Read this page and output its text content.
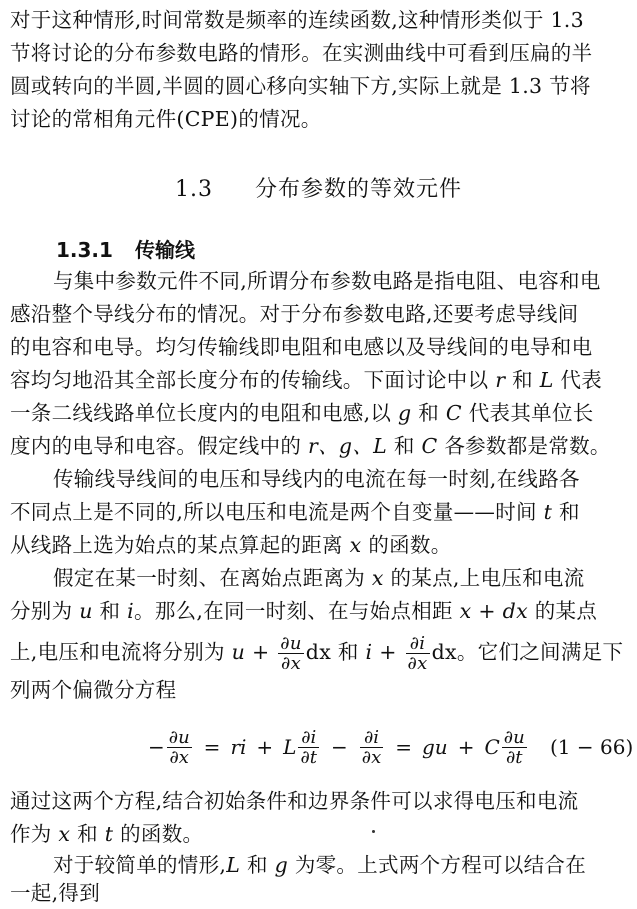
对于这种情形,时间常数是频率的连续函数,这种情形类似于 1.3
节将讨论的分布参数电路的情形。在实测曲线中可看到压扁的半
圆或转向的半圆,半圆的圆心移向实轴下方,实际上就是 1.3 节将
讨论的常相角元件(CPE)的情况。
1.3 分布参数的等效元件
1.3.1 传输线
与集中参数元件不同,所谓分布参数电路是指电阻、电容和电
感沿整个导线分布的情况。对于分布参数电路,还要考虑导线间
的电容和电导。均匀传输线即电阻和电感以及导线间的电导和电
容均匀地沿其全部长度分布的传输线。下面讨论中以 r 和 L 代表
一条二线线路单位长度内的电阻和电感,以 g 和 C 代表其单位长
度内的电导和电容。假定线中的 r、g、L 和 C 各参数都是常数。
传输线导线间的电压和导线内的电流在每一时刻,在线路各
不同点上是不同的,所以电压和电流是两个自变量——时间 t 和
从线路上选为始点的某点算起的距离 x 的函数。
假定在某一时刻、在离始点距离为 x 的某点,上电压和电流
分别为 u 和 i。那么,在同一时刻、在与始点相距 x + dx 的某点
上,电压和电流将分别为 $u + \frac{\partial u}{\partial x}$ dx 和 $i + \frac{\partial i}{\partial x}$ dx。它们之间满足下
列两个偏微分方程
− $\frac{\partial u}{\partial x}$ = ri + L $\frac{\partial i}{\partial t} - \frac{\partial i}{\partial x}$ = gu + C $\frac{\partial u}{\partial t} (1 - 66)$
通过这两个方程,结合初始条件和边界条件可以求得电压和电流
作为 x 和 t 的函数。
对于较简单的情形,L 和 g 为零。上式两个方程可以结合在
一起,得到
